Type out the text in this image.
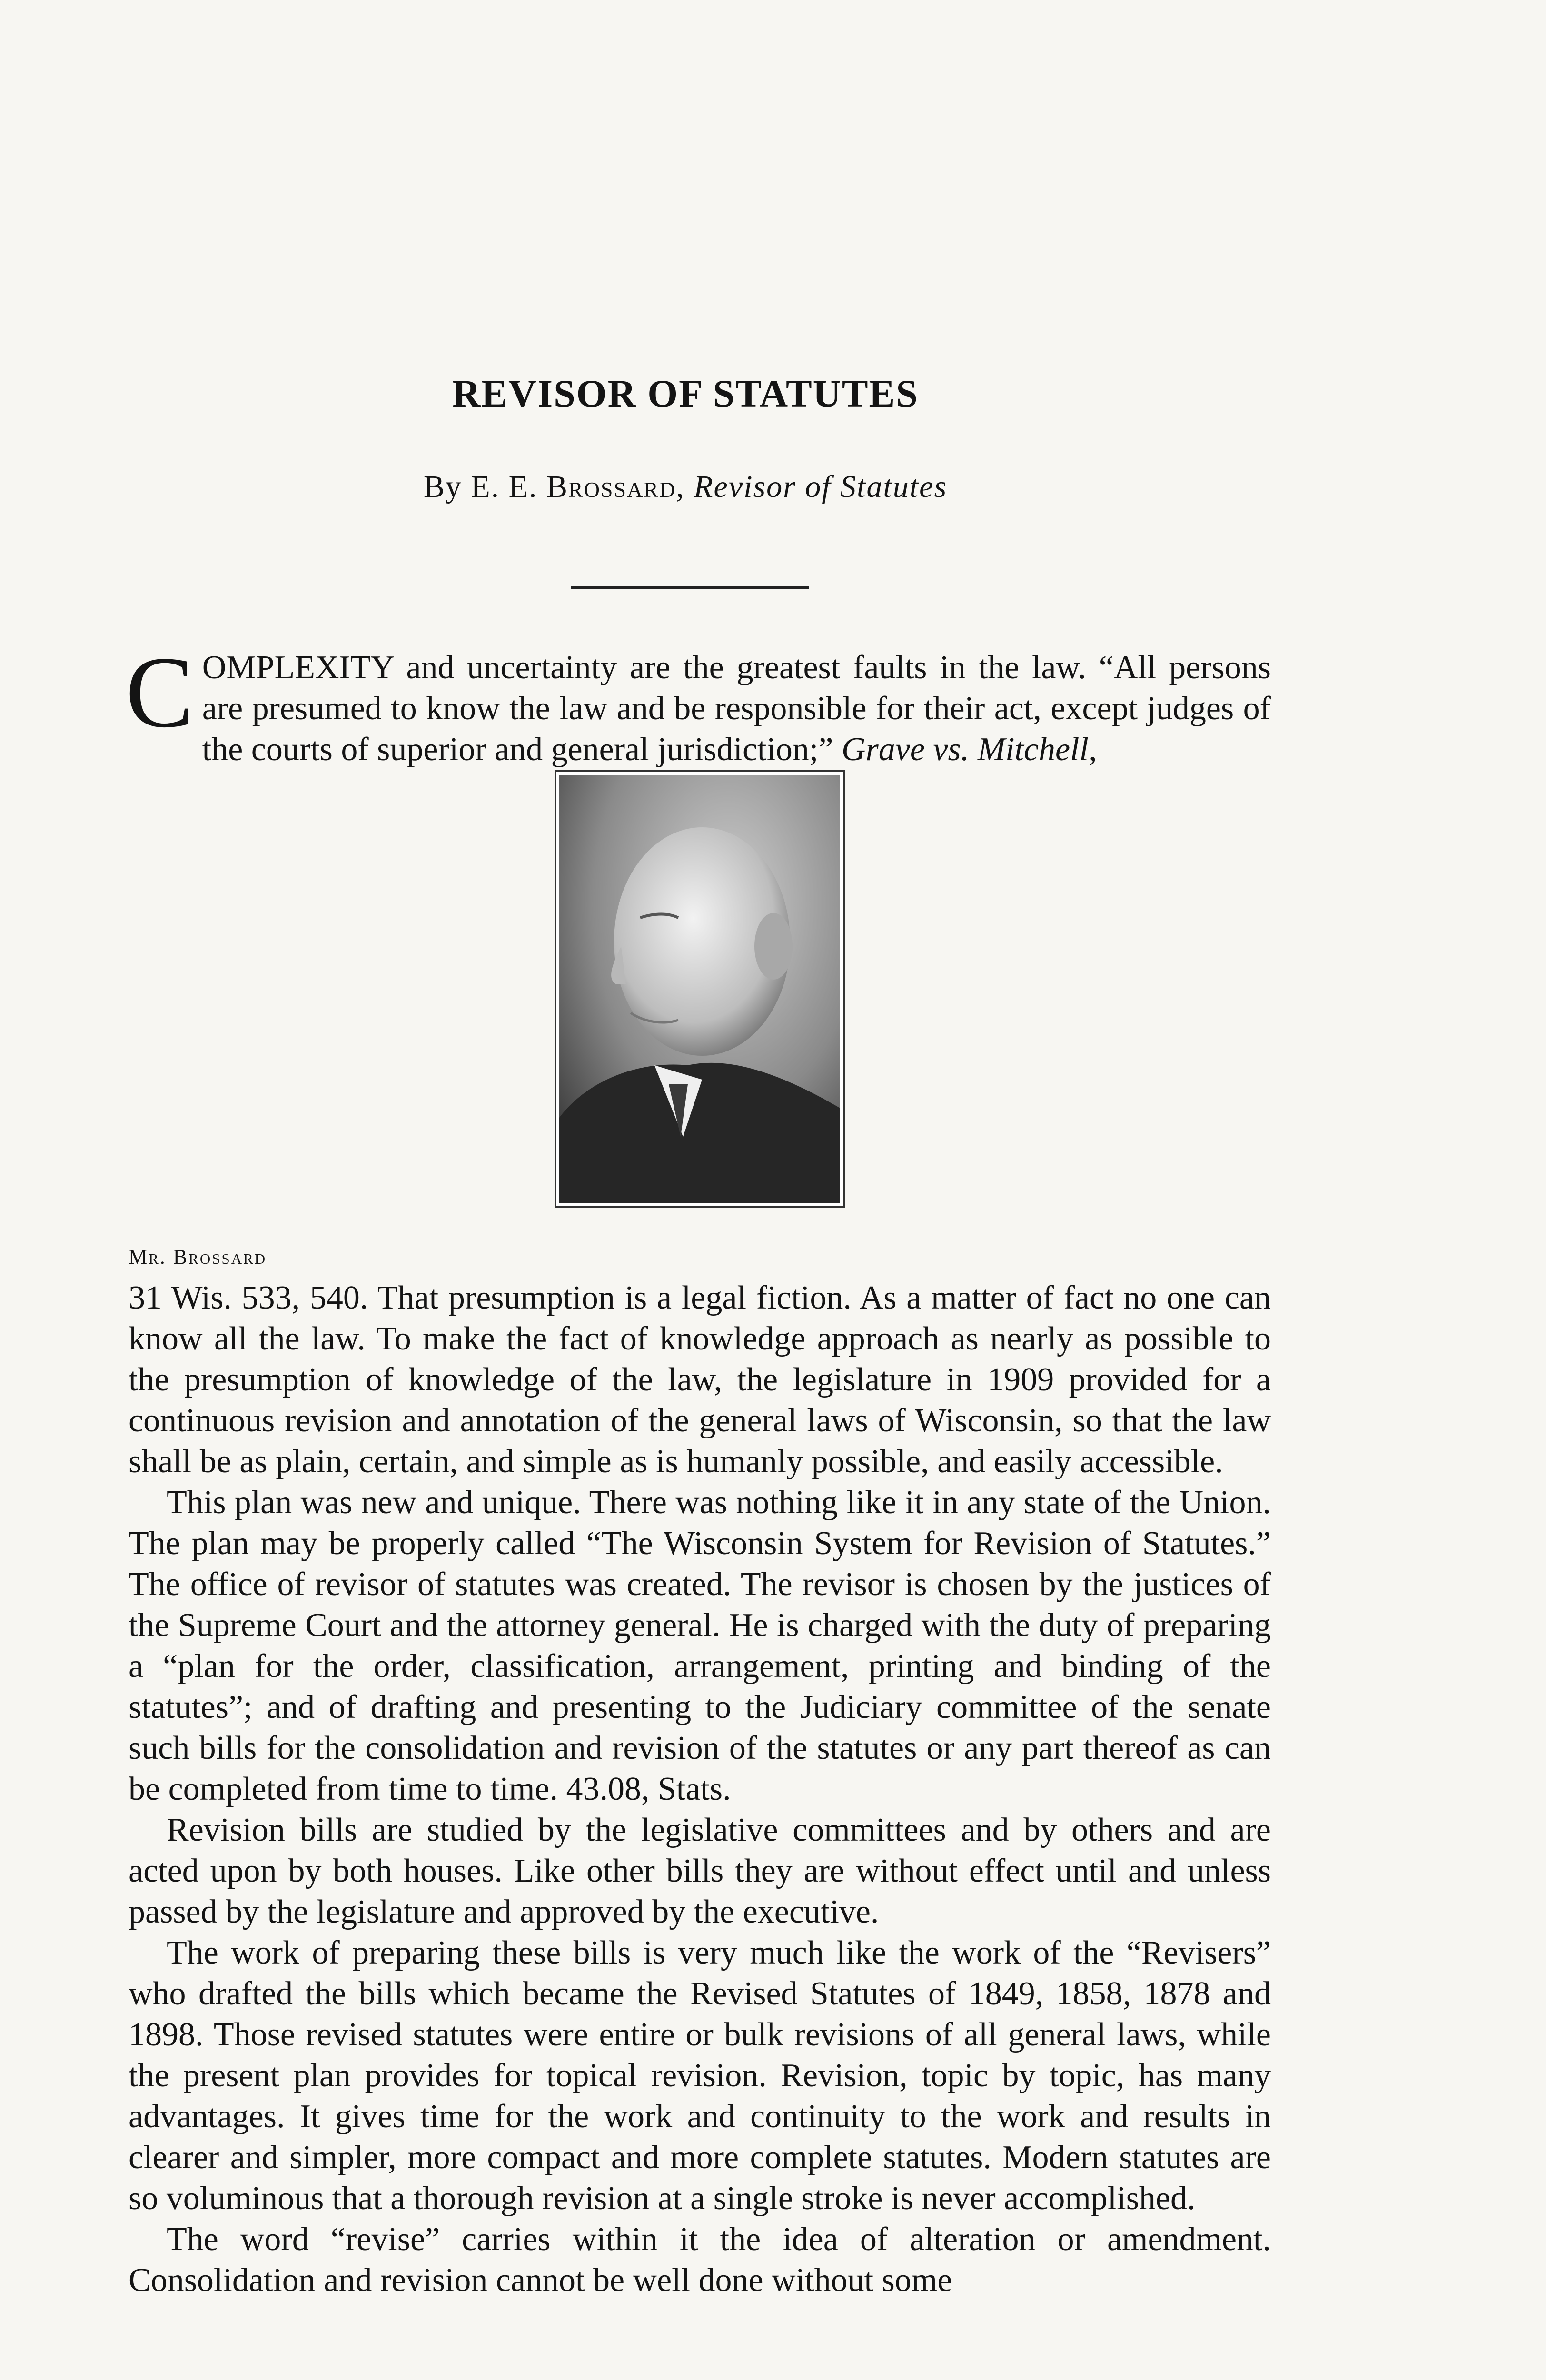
REVISOR OF STATUTES
By E. E. Brossard, Revisor of Statutes

C OMPLEXITY and uncertainty are the greatest faults in the law. “All persons are presumed to know the law and be responsible for their act, except judges of the courts of superior and general jurisdiction;” Grave vs. Mitchell,

Mr. Brossard
31 Wis. 533, 540. That presumption is a legal fiction. As a matter of fact no one can know all the law. To make the fact of knowledge approach as nearly as possible to the presumption of knowledge of the law, the legislature in 1909 provided for a continuous revision and annotation of the general laws of Wisconsin, so that the law shall be as plain, certain, and simple as is humanly possible, and easily accessible.

This plan was new and unique. There was nothing like it in any state of the Union. The plan may be properly called “The Wisconsin System for Revision of Statutes.” The office of revisor of statutes was created. The revisor is chosen by the justices of the Supreme Court and the attorney general. He is charged with the duty of preparing a “plan for the order, classification, arrangement, printing and binding of the statutes”; and of drafting and presenting to the Judiciary committee of the senate such bills for the consolidation and revision of the statutes or any part thereof as can be completed from time to time. 43.08, Stats.

Revision bills are studied by the legislative committees and by others and are acted upon by both houses. Like other bills they are without effect until and unless passed by the legislature and approved by the executive.

The work of preparing these bills is very much like the work of the “Revisers” who drafted the bills which became the Revised Statutes of 1849, 1858, 1878 and 1898. Those revised statutes were entire or bulk revisions of all general laws, while the present plan provides for topical revision. Revision, topic by topic, has many advantages. It gives time for the work and continuity to the work and results in clearer and simpler, more compact and more complete statutes. Modern statutes are so voluminous that a thorough revision at a single stroke is never accomplished.

The word “revise” carries within it the idea of alteration or amendment. Consolidation and revision cannot be well done without some
